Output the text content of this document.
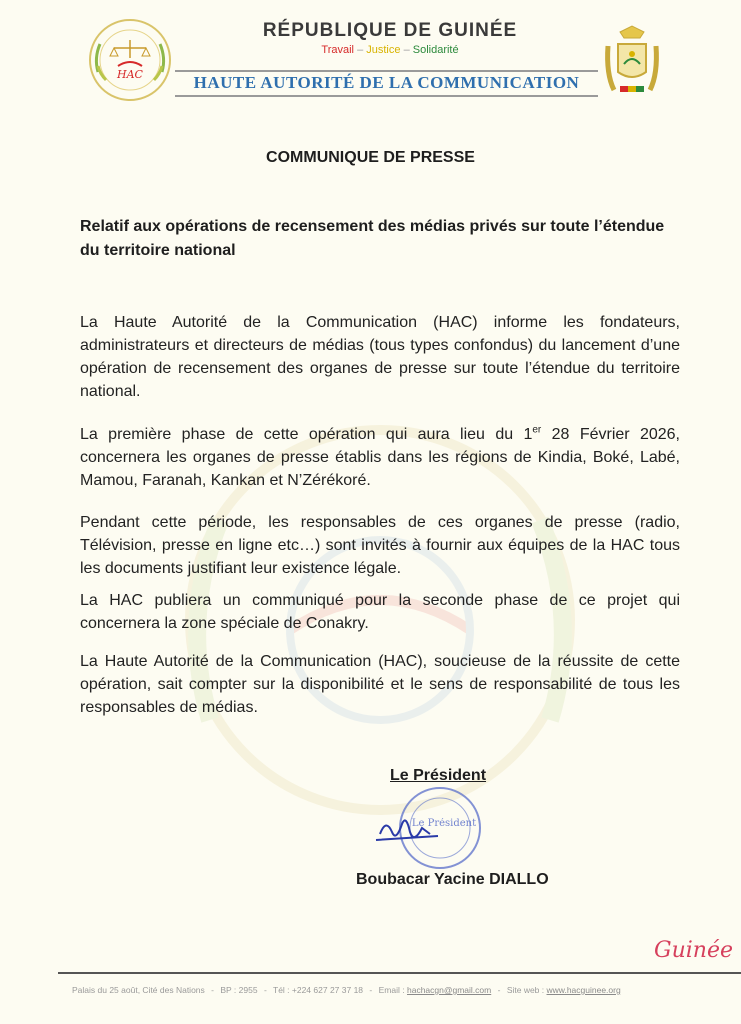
HAC
RÉPUBLIQUE DE GUINÉE
Travail – Justice – Solidarité
HAUTE AUTORITÉ DE LA COMMUNICATION
COMMUNIQUE DE PRESSE
Relatif aux opérations de recensement des médias privés sur toute l’étendue du territoire national
La Haute Autorité de la Communication (HAC) informe les fondateurs, administrateurs et directeurs de médias (tous types confondus) du lancement d’une opération de recensement des organes de presse sur toute l’étendue du territoire national.
La première phase de cette opération qui aura lieu du 1er 28 Février 2026, concernera les organes de presse établis dans les régions de Kindia, Boké, Labé, Mamou, Faranah, Kankan et N’Zérékoré.
Pendant cette période, les responsables de ces organes de presse (radio, Télévision, presse en ligne etc…) sont invités à fournir aux équipes de la HAC tous les documents justifiant leur existence légale.
La HAC publiera un communiqué pour la seconde phase de ce projet qui concernera la zone spéciale de Conakry.
La Haute Autorité de la Communication (HAC), soucieuse de la réussite de cette opération, sait compter sur la disponibilité et le sens de responsabilité de tous les responsables de médias.
Le Président
Le Président
Boubacar Yacine DIALLO
Guinée
Palais du 25 août, Cité des Nations - BP : 2955 - Tél : +224 627 27 37 18 - Email : hachacgn@gmail.com - Site web : www.hacguinee.org
